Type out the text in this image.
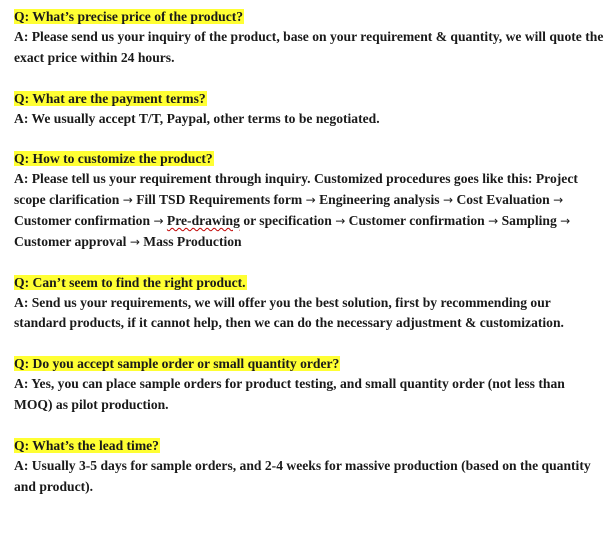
Q: What’s precise price of the product?

A: Please send us your inquiry of the product, base on your requirement & quantity, we will quote the exact price within 24 hours.

Q: What are the payment terms?

A: We usually accept T/T, Paypal, other terms to be negotiated.

Q: How to customize the product?

A: Please tell us your requirement through inquiry. Customized procedures goes like this: Project scope clarification → Fill TSD Requirements form → Engineering analysis → Cost Evaluation → Customer confirmation → Pre-drawing or specification → Customer confirmation → Sampling → Customer approval → Mass Production

Q: Can’t seem to find the right product.

A: Send us your requirements, we will offer you the best solution, first by recommending our standard products, if it cannot help, then we can do the necessary adjustment & customization.

Q: Do you accept sample order or small quantity order?

A: Yes, you can place sample orders for product testing, and small quantity order (not less than MOQ) as pilot production.

Q: What’s the lead time?

A: Usually 3-5 days for sample orders, and 2-4 weeks for massive production (based on the quantity and product).
